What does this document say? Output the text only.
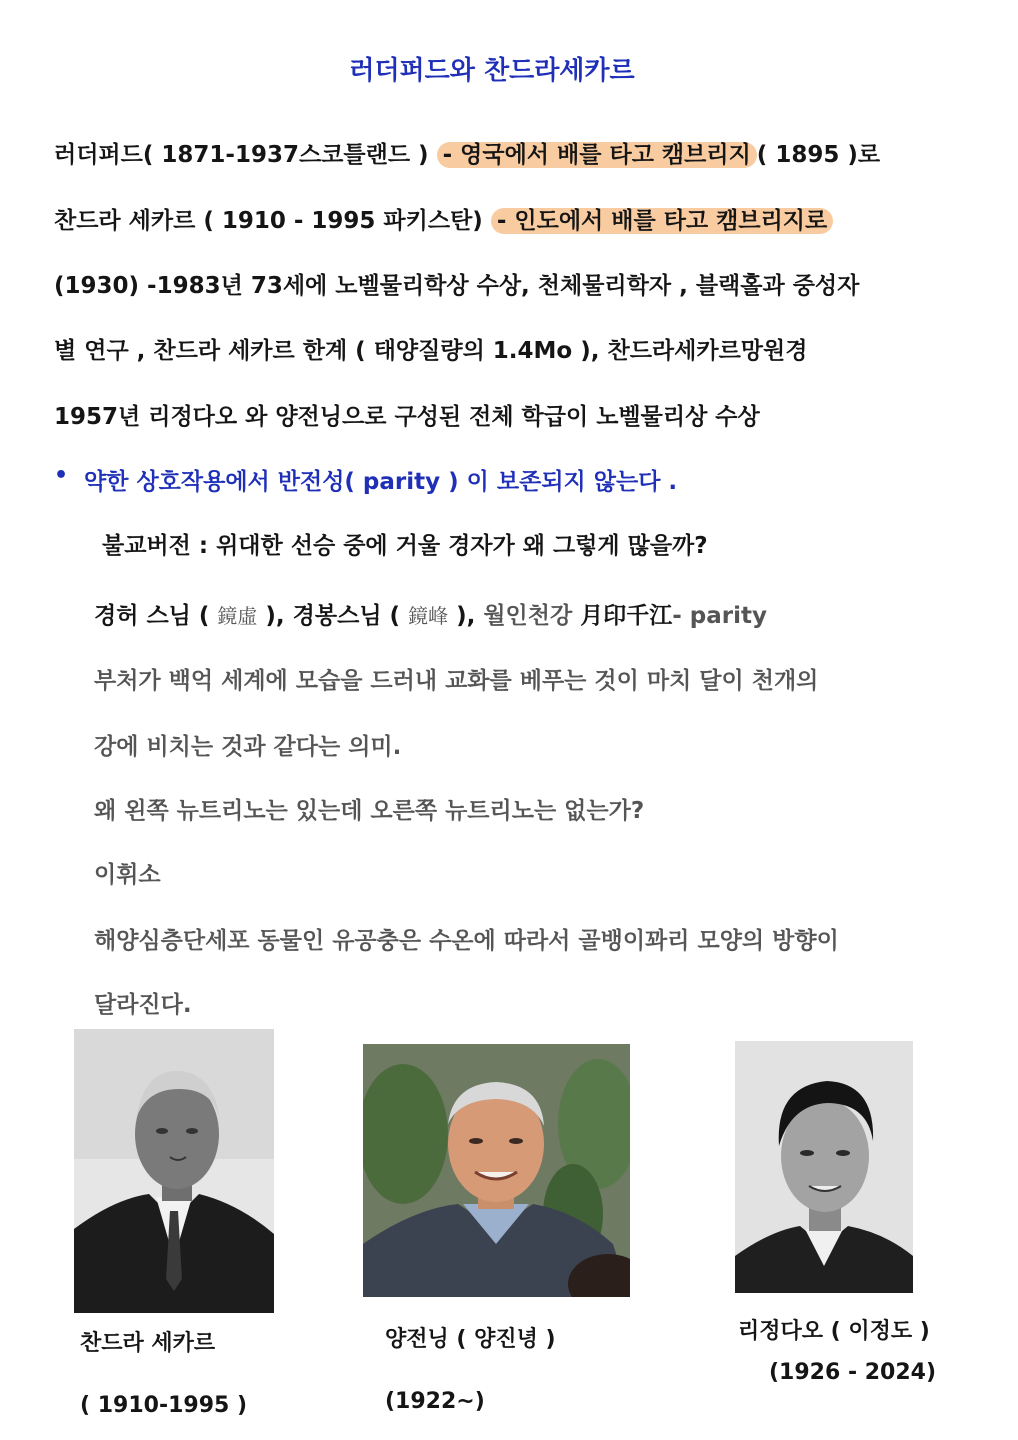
러더퍼드와 찬드라세카르
러더퍼드( 1871-1937스코틀랜드 ) - 영국에서 배를 타고 캠브리지 ( 1895 )로
찬드라 세카르 ( 1910 - 1995 파키스탄) - 인도에서 배를 타고 캠브리지로
(1930) -1983년 73세에 노벨물리학상 수상, 천체물리학자 , 블랙홀과 중성자
별 연구 , 찬드라 세카르 한계 ( 태양질량의 1.4Mo ), 찬드라세카르망원경
1957년 리정다오 와 양전닝으로 구성된 전체 학급이 노벨물리상 수상
• 약한 상호작용에서 반전성( parity ) 이 보존되지 않는다 .
불교버전 : 위대한 선승 중에 거울 경자가 왜 그렇게 많을까?
경허 스님 ( 鏡虛 ), 경봉스님 ( 鏡峰 ), 월인천강 月印千江- parity
부처가 백억 세계에 모습을 드러내 교화를 베푸는 것이 마치 달이 천개의
강에 비치는 것과 같다는 의미.
왜 왼쪽 뉴트리노는 있는데 오른쪽 뉴트리노는 없는가?
이휘소
해양심층단세포 동물인 유공충은 수온에 따라서 골뱅이꽈리 모양의 방향이
달라진다.
찬드라 세카르
( 1910-1995 )
양전닝 ( 양진녕 )
(1922~)
리정다오 ( 이정도 )
(1926 - 2024)
